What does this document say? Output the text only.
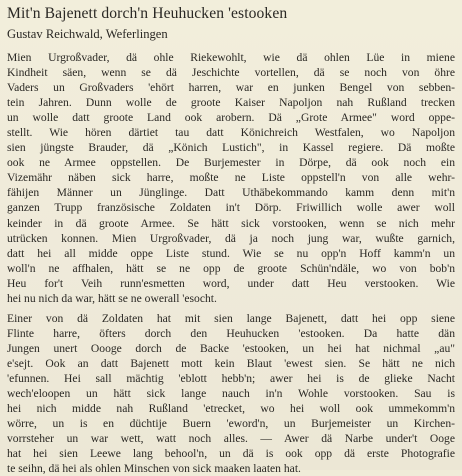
Mit'n Bajenett dorch'n Heuhucken 'estooken
Gustav Reichwald, Weferlingen
Mien Urgroßvader, dä ohle Riekewohlt, wie dä ohlen Lüe in miene
Kindheit säen, wenn se dä Jeschichte vortellen, dä se noch von öhre
Vaders un Großvaders 'ehört harren, war en junken Bengel von sebben-
tein Jahren. Dunn wolle de groote Kaiser Napoljon nah Rußland trecken
un wolle datt groote Land ook arobern. Dä „Grote Armee" word oppe-
stellt. Wie hören därtiet tau datt Könichreich Westfalen, wo Napoljon
sien jüngste Brauder, dä „Könich Lustich", in Kassel regiere. Dä moßte
ook ne Armee oppstellen. De Burjemester in Dörpe, dä ook noch ein
Vizemähr näben sick harre, moßte ne Liste oppstell'n von alle wehr-
fähijen Männer un Jünglinge. Datt Uthäbekommando kamm denn mit'n
ganzen Trupp französische Zoldaten in't Dörp. Friwillich wolle awer woll
keinder in dä groote Armee. Se hätt sick vorstooken, wenn se nich mehr
utrücken konnen. Mien Urgroßvader, dä ja noch jung war, wußte garnich,
datt hei all midde oppe Liste stund. Wie se nu opp'n Hoff kamm'n un
woll'n ne affhalen, hätt se ne opp de groote Schün'ndäle, wo von bob'n
Heu for't Veih runn'esmetten word, under datt Heu verstooken. Wie
hei nu nich da war, hätt se ne owerall 'esocht.
Einer von dä Zoldaten hat mit sien lange Bajenett, datt hei opp siene
Flinte harre, öfters dorch den Heuhucken 'estooken. Da hatte dän
Jungen unert Oooge dorch de Backe 'estooken, un hei hat nichmal „au"
e'sejt. Ook an datt Bajenett mott kein Blaut 'ewest sien. Se hätt ne nich
'efunnen. Hei sall mächtig 'eblott hebb'n; awer hei is de glieke Nacht
wech'eloopen un hätt sick lange nauch in'n Wohle vorstooken. Sau is
hei nich midde nah Rußland 'etrecket, wo hei woll ook ummekomm'n
wörre, un is en düchtije Buern 'eword'n, un Burjemeister un Kirchen-
vorrsteher un war wett, watt noch alles. — Awer dä Narbe under't Ooge
hat hei sien Leewe lang behool'n, un dä is ook opp dä erste Photografie
te seihn, dä hei als ohlen Minschen von sick maaken laaten hat.
